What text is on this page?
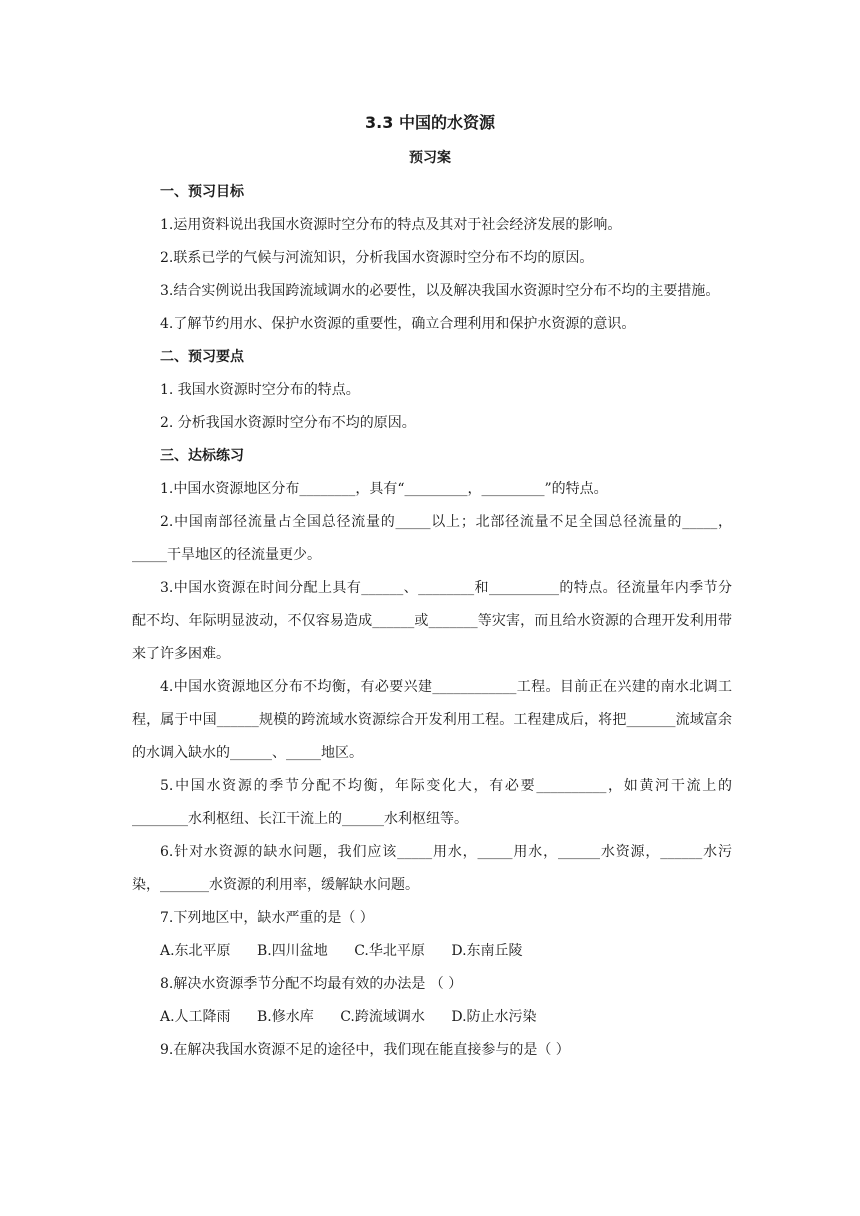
3.3 中国的水资源
预习案
一、预习目标
1.运用资料说出我国水资源时空分布的特点及其对于社会经济发展的影响。
2.联系已学的气候与河流知识，分析我国水资源时空分布不均的原因。
3.结合实例说出我国跨流域调水的必要性，以及解决我国水资源时空分布不均的主要措施。
4.了解节约用水、保护水资源的重要性，确立合理利用和保护水资源的意识。
二、预习要点
1. 我国水资源时空分布的特点。
2. 分析我国水资源时空分布不均的原因。
三、达标练习
1.中国水资源地区分布________，具有“_________，_________”的特点。
2.中国南部径流量占全国总径流量的_____以上；北部径流量不足全国总径流量的_____，_____干旱地区的径流量更少。
3.中国水资源在时间分配上具有______、________和__________的特点。径流量年内季节分配不均、年际明显波动，不仅容易造成______或_______等灾害，而且给水资源的合理开发利用带来了许多困难。
4.中国水资源地区分布不均衡，有必要兴建____________工程。目前正在兴建的南水北调工程，属于中国______规模的跨流域水资源综合开发利用工程。工程建成后，将把_______流域富余的水调入缺水的______、_____地区。
5.中国水资源的季节分配不均衡，年际变化大，有必要__________，如黄河干流上的________水利枢纽、长江干流上的______水利枢纽等。
6.针对水资源的缺水问题，我们应该_____用水，_____用水，______水资源，______水污染，_______水资源的利用率，缓解缺水问题。
7.下列地区中，缺水严重的是（ ）
A.东北平原 B.四川盆地 C.华北平原 D.东南丘陵
8.解决水资源季节分配不均最有效的办法是 （ ）
A.人工降雨 B.修水库 C.跨流域调水 D.防止水污染
9.在解决我国水资源不足的途径中，我们现在能直接参与的是（ ）
